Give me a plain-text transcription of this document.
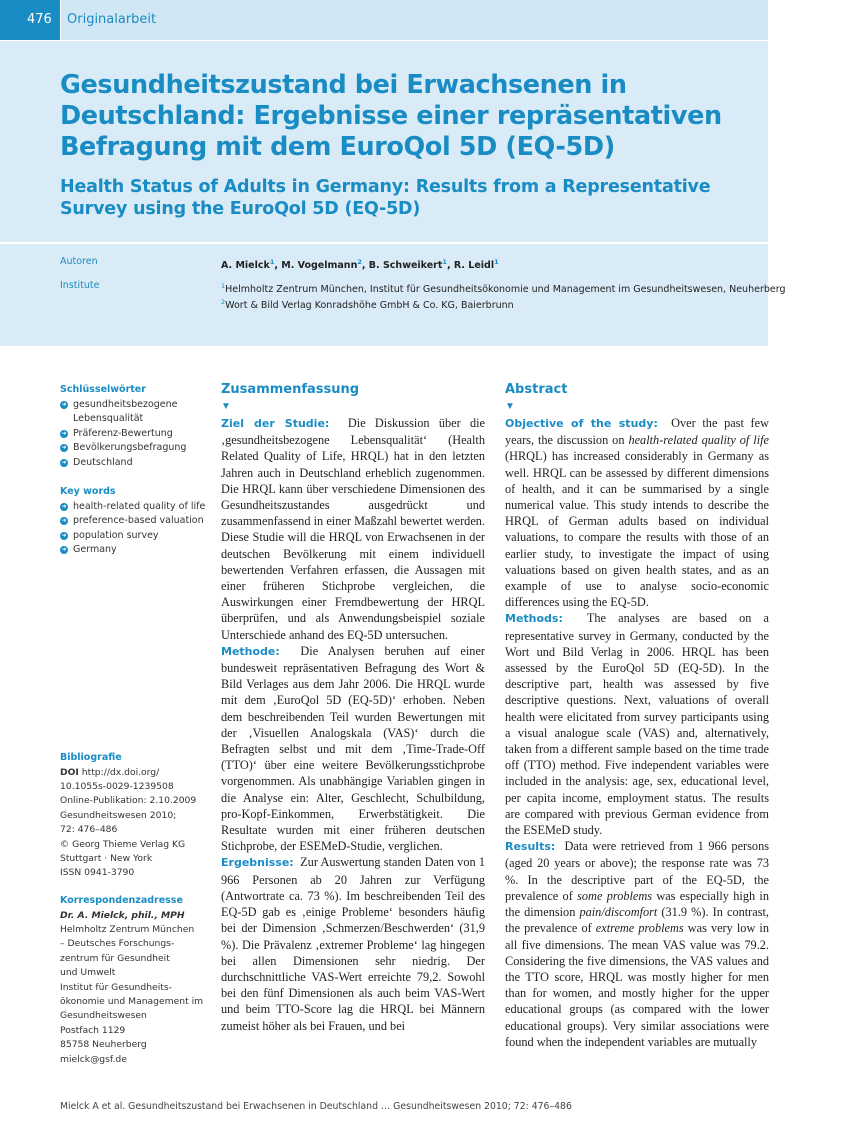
476	Originalarbeit
Gesundheitszustand bei Erwachsenen in Deutschland: Ergebnisse einer repräsentativen Befragung mit dem EuroQol 5D (EQ-5D)
Health Status of Adults in Germany: Results from a Representative Survey using the EuroQol 5D (EQ-5D)
Autoren	A. Mielck$^1$, M. Vogelmann$^2$, B. Schweikert$^1$, R. Leidl$^1$
Institute	$^1$Helmholtz Zentrum München, Institut für Gesundheitsökonomie und Management im Gesundheitswesen, Neuherberg
$^2$Wort & Bild Verlag Konradshöhe GmbH & Co. KG, Baierbrunn
Schlüsselwörter
➜ gesundheitsbezogene Lebensqualität
➜ Präferenz-Bewertung
➜ Bevölkerungsbefragung
➜ Deutschland
Key words
➜ health-related quality of life
➜ preference-based valuation
➜ population survey
➜ Germany
Bibliografie
DOI http://dx.doi.org/
10.1055s-0029-1239508
Online-Publikation: 2.10.2009
Gesundheitswesen 2010;
72: 476–486
© Georg Thieme Verlag KG
Stuttgart · New York
ISSN 0941-3790
Korrespondenzadresse
Dr. A. Mielck, phil., MPH
Helmholtz Zentrum München
– Deutsches Forschungs-
zentrum für Gesundheit
und Umwelt
Institut für Gesundheits-
ökonomie und Management im
Gesundheitswesen
Postfach 1129
85758 Neuherberg
mielck@gsf.de
Zusammenfassung
▼

Ziel der Studie: Die Diskussion über die ‚gesundheitsbezogene Lebensqualität‘ (Health Related Quality of Life, HRQL) hat in den letzten Jahren auch in Deutschland erheblich zugenommen. Die HRQL kann über verschiedene Dimensionen des Gesundheitszustandes ausgedrückt und zusammenfassend in einer Maßzahl bewertet werden. Diese Studie will die HRQL von Erwachsenen in der deutschen Bevölkerung mit einem individuell bewertenden Verfahren erfassen, die Aussagen mit einer früheren Stichprobe vergleichen, die Auswirkungen einer Fremdbewertung der HRQL überprüfen, und als Anwendungsbeispiel soziale Unterschiede anhand des EQ-5D untersuchen.

Methode: Die Analysen beruhen auf einer bundesweit repräsentativen Befragung des Wort & Bild Verlages aus dem Jahr 2006. Die HRQL wurde mit dem ‚EuroQol 5D (EQ-5D)‘ erhoben. Neben dem beschreibenden Teil wurden Bewertungen mit der ‚Visuellen Analogskala (VAS)‘ durch die Befragten selbst und mit dem ‚Time-Trade-Off (TTO)‘ über eine weitere Bevölkerungsstichprobe vorgenommen. Als unabhängige Variablen gingen in die Analyse ein: Alter, Geschlecht, Schulbildung, pro-Kopf-Einkommen, Erwerbstätigkeit. Die Resultate wurden mit einer früheren deutschen Stichprobe, der ESEMeD-Studie, verglichen.

Ergebnisse: Zur Auswertung standen Daten von 1 966 Personen ab 20 Jahren zur Verfügung (Antwortrate ca. 73 %). Im beschreibenden Teil des EQ-5D gab es ‚einige Probleme‘ besonders häufig bei der Dimension ‚Schmerzen/Beschwerden‘ (31,9 %). Die Prävalenz ‚extremer Probleme‘ lag hingegen bei allen Dimensionen sehr niedrig. Der durchschnittliche VAS-Wert erreichte 79,2. Sowohl bei den fünf Dimensionen als auch beim VAS-Wert und beim TTO-Score lag die HRQL bei Männern zumeist höher als bei Frauen, und bei

Abstract
▼

Objective of the study: Over the past few years, the discussion on health-related quality of life (HRQL) has increased considerably in Germany as well. HRQL can be assessed by different dimensions of health, and it can be summarised by a single numerical value. This study intends to describe the HRQL of German adults based on individual valuations, to compare the results with those of an earlier study, to investigate the impact of using valuations based on given health states, and as an example of use to analyse socio-economic differences using the EQ-5D.

Methods: The analyses are based on a representative survey in Germany, conducted by the Wort und Bild Verlag in 2006. HRQL has been assessed by the EuroQol 5D (EQ-5D). In the descriptive part, health was assessed by five descriptive questions. Next, valuations of overall health were elicitated from survey participants using a visual analogue scale (VAS) and, alternatively, taken from a different sample based on the time trade off (TTO) method. Five independent variables were included in the analysis: age, sex, educational level, per capita income, employment status. The results are compared with previous German evidence from the ESEMeD study.

Results: Data were retrieved from 1 966 persons (aged 20 years or above); the response rate was 73 %. In the descriptive part of the EQ-5D, the prevalence of some problems was especially high in the dimension pain/discomfort (31.9 %). In contrast, the prevalence of extreme problems was very low in all five dimensions. The mean VAS value was 79.2. Considering the five dimensions, the VAS values and the TTO score, HRQL was mostly higher for men than for women, and mostly higher for the upper educational groups (as compared with the lower educational groups). Very similar associations were found when the independent variables are mutually

Mielck A et al. Gesundheitszustand bei Erwachsenen in Deutschland … Gesundheitswesen 2010; 72: 476–486
